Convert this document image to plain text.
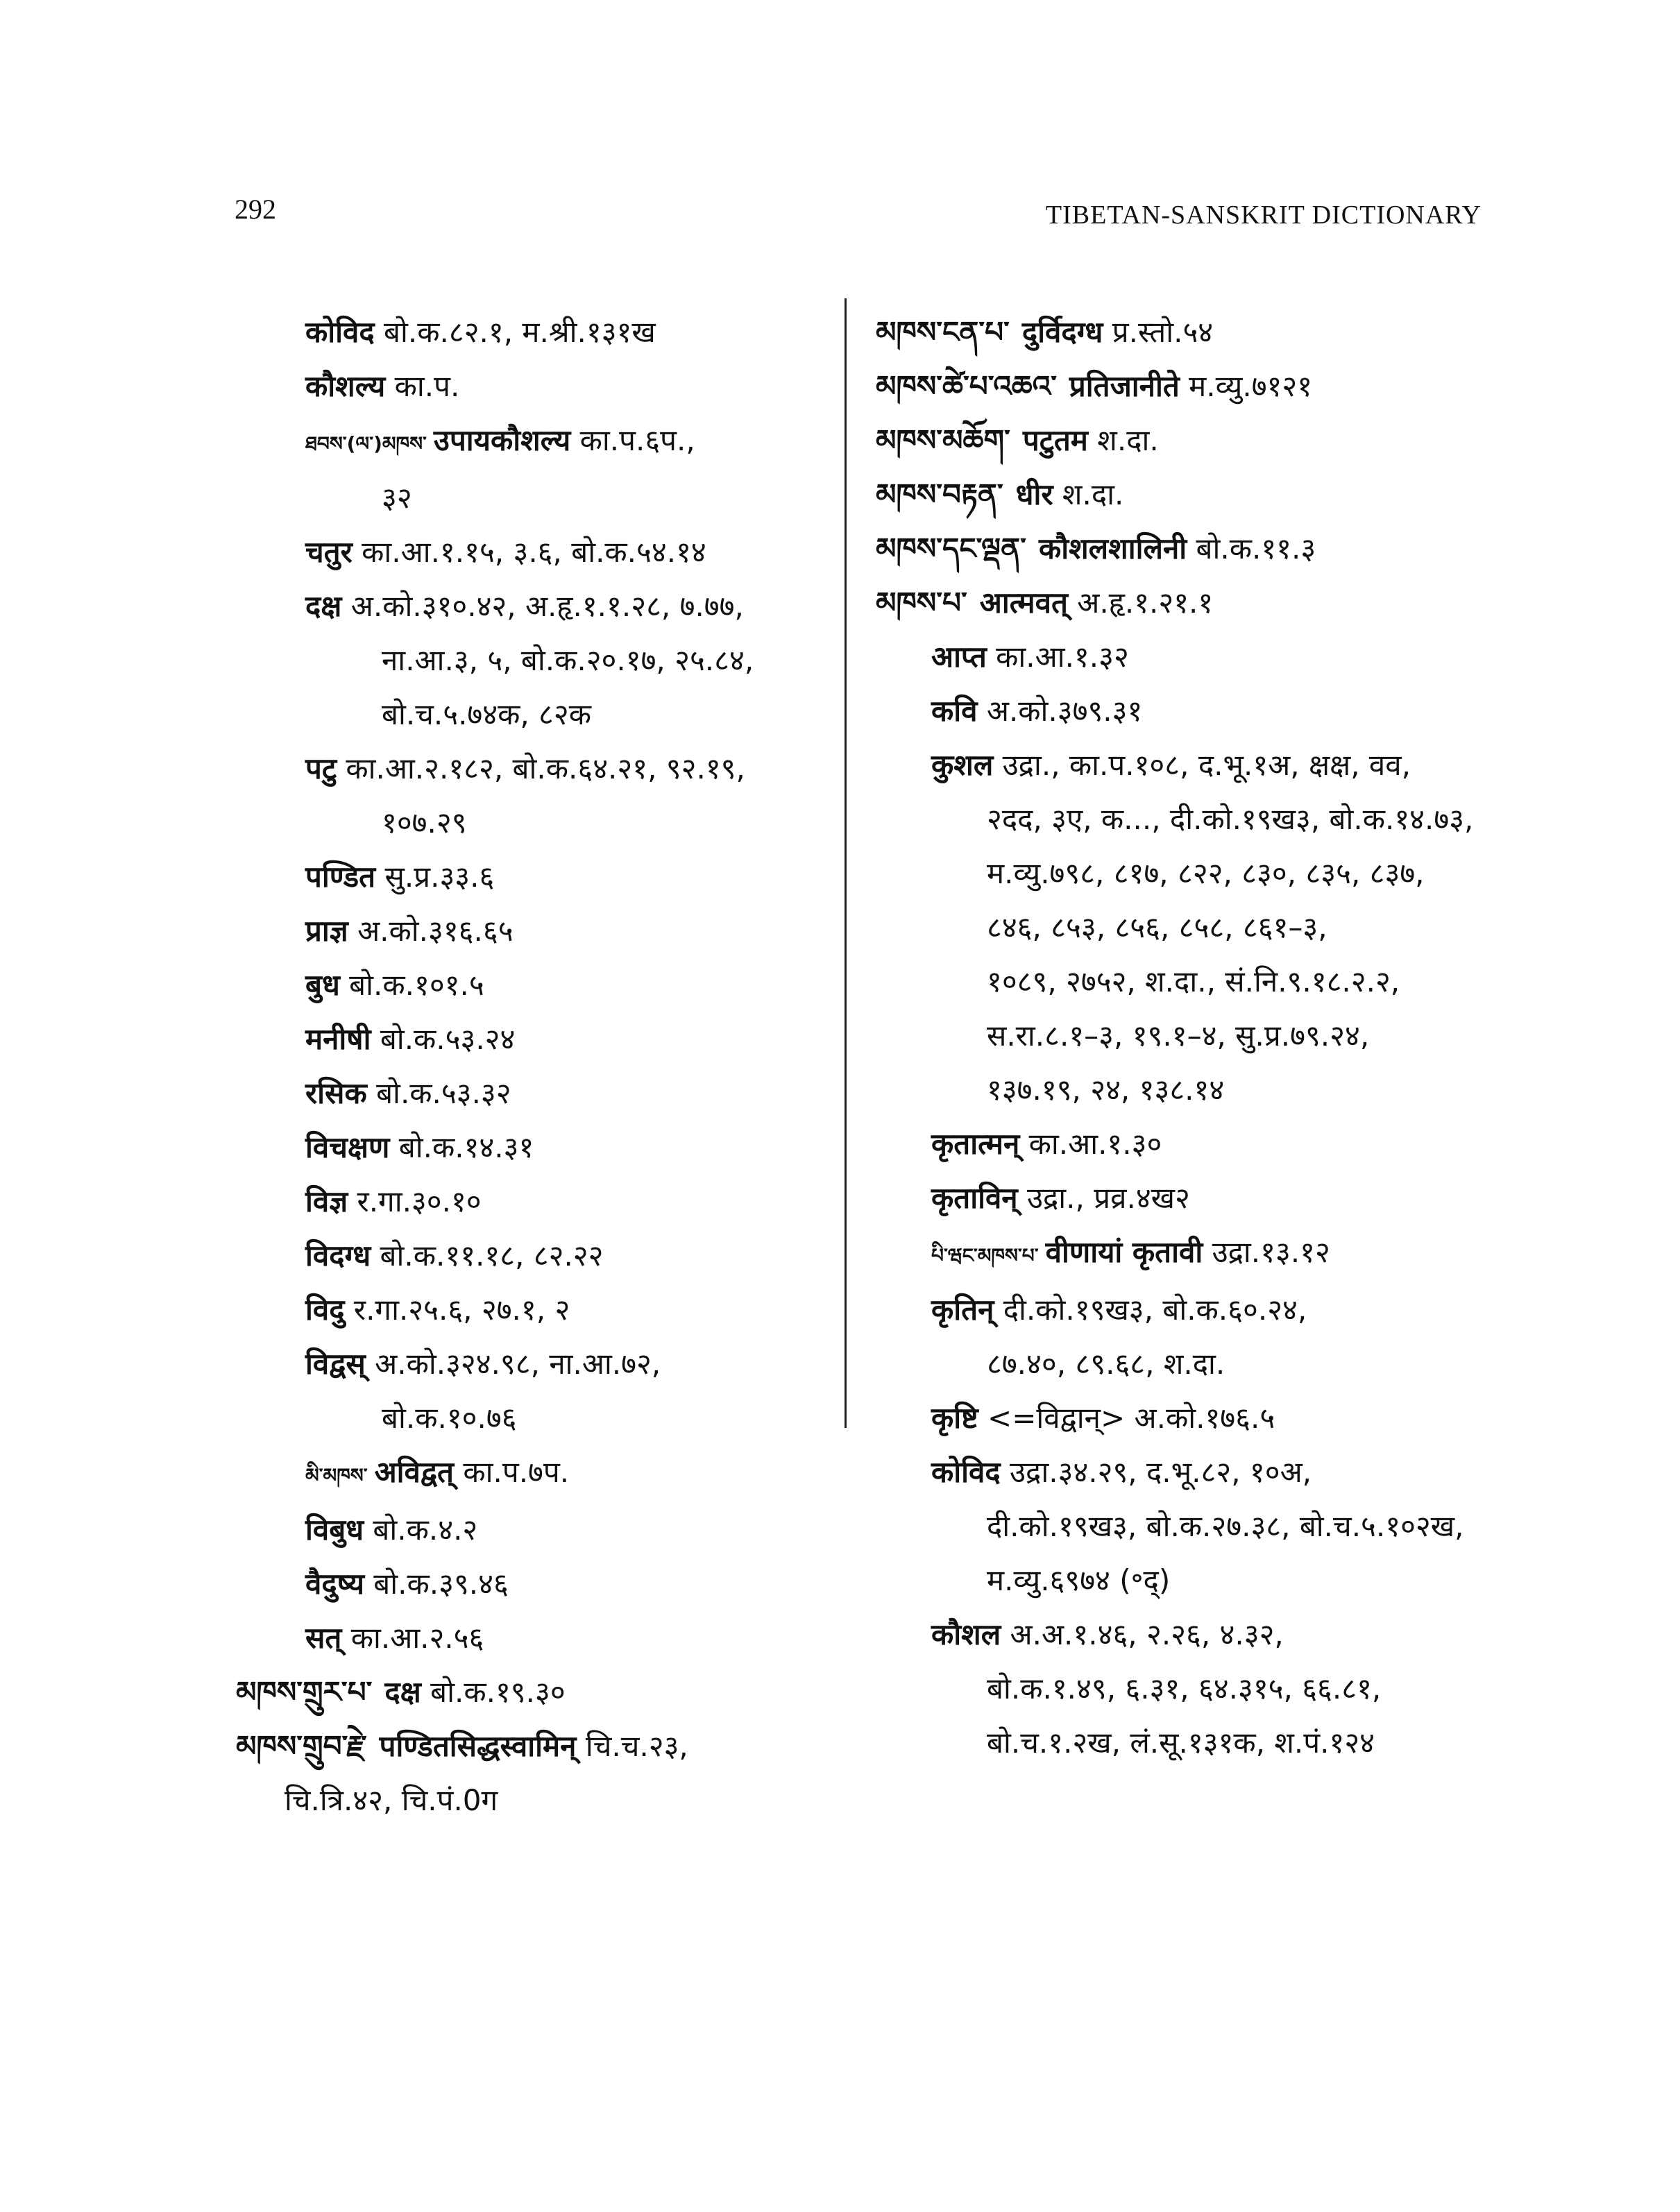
292	TIBETAN-SANSKRIT DICTIONARY
कोविद बो.क.८२.१, म.श्री.१३१ख
कौशल्य का.प.
ཐབས་(ལ་)མཁས་ उपायकौशल्य का.प.६प.,
३२
चतुर का.आ.१.१५, ३.६, बो.क.५४.१४
दक्ष अ.को.३१०.४२, अ.हृ.१.१.२८, ७.७७,
ना.आ.३, ५, बो.क.२०.१७, २५.८४,
बो.च.५.७४क, ८२क
पटु का.आ.२.१८२, बो.क.६४.२१, ९२.१९,
१०७.२९
पण्डित सु.प्र.३३.६
प्राज्ञ अ.को.३१६.६५
बुध बो.क.१०१.५
मनीषी बो.क.५३.२४
रसिक बो.क.५३.३२
विचक्षण बो.क.१४.३१
विज्ञ र.गा.३०.१०
विदग्ध बो.क.११.१८, ८२.२२
विदु र.गा.२५.६, २७.१, २
विद्वस् अ.को.३२४.९८, ना.आ.७२,
बो.क.१०.७६
མི་མཁས་ अविद्वत् का.प.७प.
विबुध बो.क.४.२
वैदुष्य बो.क.३९.४६
सत् का.आ.२.५६
མཁས་གྲུར་པ་ दक्ष बो.क.१९.३०
མཁས་གྲུབ་རྗེ་ पण्डितसिद्धस्वामिन् चि.च.२३,
चि.त्रि.४२, चि.पं.0ग
མཁས་ངན་པ་ दुर्विदग्ध प्र.स्तो.५४
མཁས་ཚེ་པ་འཆའ་ प्रतिजानीते म.व्यु.७१२१
མཁས་མཆོག་ पटुतम श.दा.
མཁས་བརྟན་ धीर श.दा.
མཁས་དང་ལྡན་ कौशलशालिनी बो.क.११.३
མཁས་པ་ आत्मवत् अ.हृ.१.२१.१
आप्त का.आ.१.३२
कवि अ.को.३७९.३१
कुशल उद्रा., का.प.१०८, द.भू.१अ, क्षक्ष, वव,
२दद, ३ए, क..., दी.को.१९ख३, बो.क.१४.७३,
म.व्यु.७९८, ८१७, ८२२, ८३०, ८३५, ८३७,
८४६, ८५३, ८५६, ८५८, ८६१–३,
१०८९, २७५२, श.दा., सं.नि.९.१८.२.२,
स.रा.८.१–३, १९.१–४, सु.प्र.७९.२४,
१३७.१९, २४, १३८.१४
कृतात्मन् का.आ.१.३०
कृताविन् उद्रा., प्रव्र.४ख२
པི་ཝང་མཁས་པ་ वीणायां कृतावी उद्रा.१३.१२
कृतिन् दी.को.१९ख३, बो.क.६०.२४,
८७.४०, ८९.६८, श.दा.
कृष्टि <=विद्वान्> अ.को.१७६.५
कोविद उद्रा.३४.२९, द.भू.८२, १०अ,
दी.को.१९ख३, बो.क.२७.३८, बो.च.५.१०२ख,
म.व्यु.६९७४ (॰द्)
कौशल अ.अ.१.४६, २.२६, ४.३२,
बो.क.१.४९, ६.३१, ६४.३१५, ६६.८१,
बो.च.१.२ख, लं.सू.१३१क, श.पं.१२४
